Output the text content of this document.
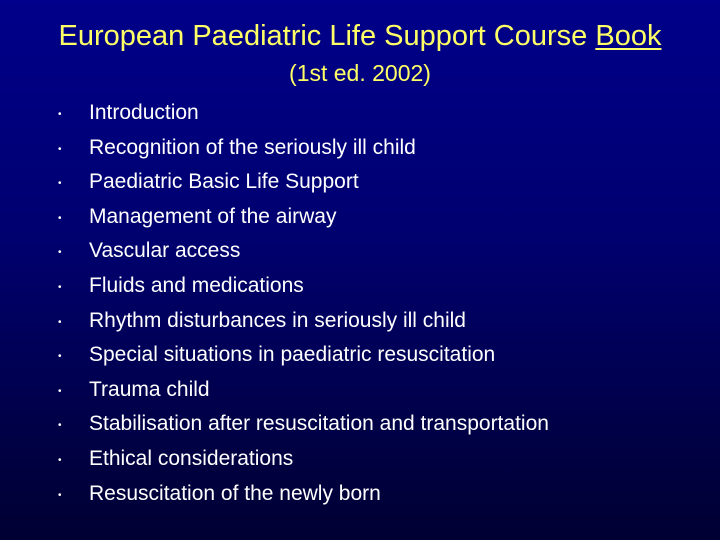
European Paediatric Life Support Course Book
(1st ed. 2002)
• Introduction
• Recognition of the seriously ill child
• Paediatric Basic Life Support
• Management of the airway
• Vascular access
• Fluids and medications
• Rhythm disturbances in seriously ill child
• Special situations in paediatric resuscitation
• Trauma child
• Stabilisation after resuscitation and transportation
• Ethical considerations
• Resuscitation of the newly born
